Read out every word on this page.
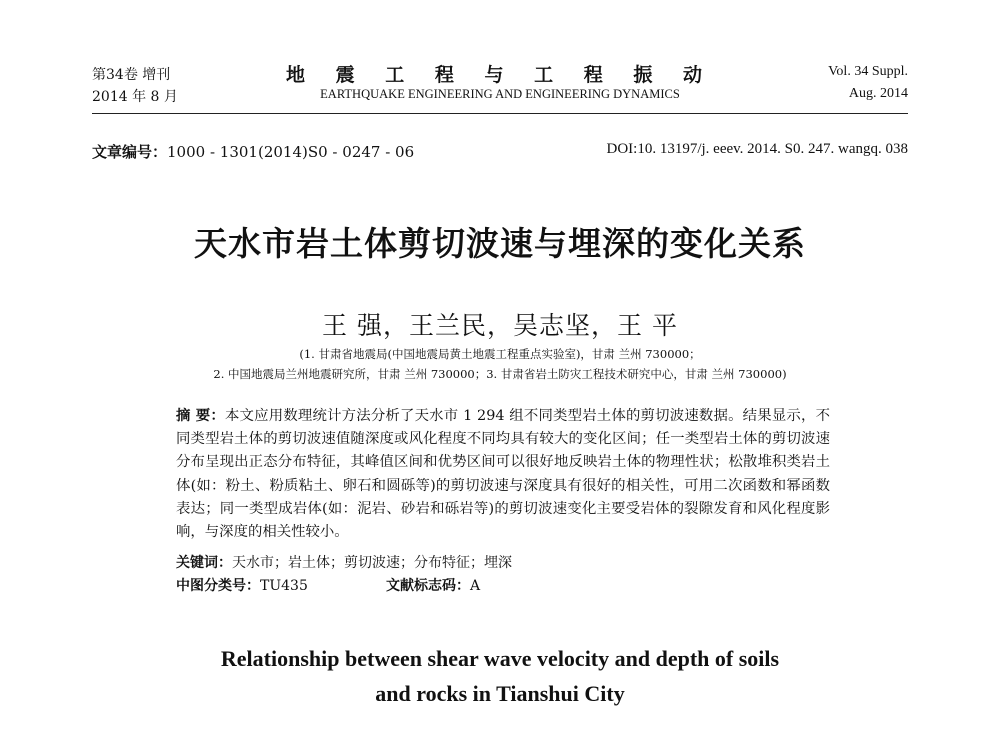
第34卷 增刊
2014 年 8 月
地 震 工 程 与 工 程 振 动
EARTHQUAKE ENGINEERING AND ENGINEERING DYNAMICS
Vol. 34 Suppl.
Aug. 2014
文章编号：1000 - 1301(2014)S0 - 0247 - 06	DOI:10. 13197/j. eeev. 2014. S0. 247. wangq. 038
天水市岩土体剪切波速与埋深的变化关系
王 强，王兰民，吴志坚，王 平
(1. 甘肃省地震局(中国地震局黄土地震工程重点实验室)，甘肃 兰州 730000；
2. 中国地震局兰州地震研究所，甘肃 兰州 730000；3. 甘肃省岩土防灾工程技术研究中心，甘肃 兰州 730000)
摘 要：本文应用数理统计方法分析了天水市 1 294 组不同类型岩土体的剪切波速数据。结果显示，不同类型岩土体的剪切波速值随深度或风化程度不同均具有较大的变化区间；任一类型岩土体的剪切波速分布呈现出正态分布特征，其峰值区间和优势区间可以很好地反映岩土体的物理性状；松散堆积类岩土体(如：粉土、粉质粘土、卵石和圆砾等)的剪切波速与深度具有很好的相关性，可用二次函数和幂函数表达；同一类型成岩体(如：泥岩、砂岩和砾岩等)的剪切波速变化主要受岩体的裂隙发育和风化程度影响，与深度的相关性较小。
关键词：天水市；岩土体；剪切波速；分布特征；埋深
中图分类号：TU435	文献标志码：A
Relationship between shear wave velocity and depth of soils
and rocks in Tianshui City
